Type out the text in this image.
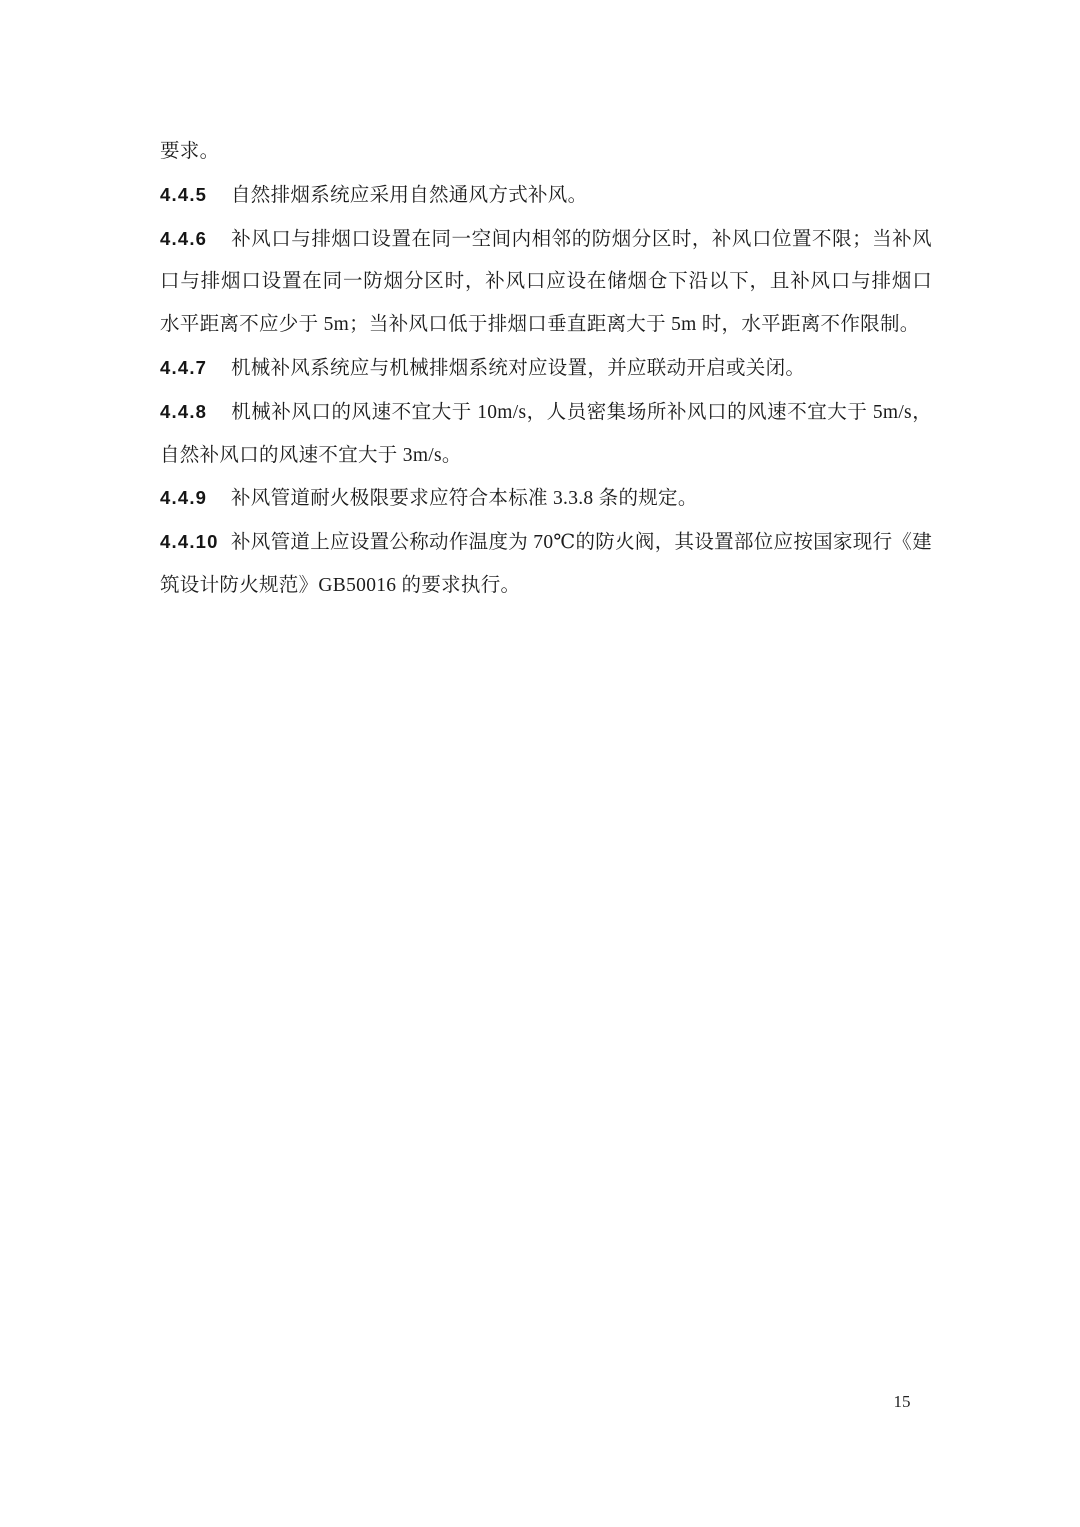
要求。

4.4.5 自然排烟系统应采用自然通风方式补风。

4.4.6 补风口与排烟口设置在同一空间内相邻的防烟分区时，补风口位置不限；当补风口与排烟口设置在同一防烟分区时，补风口应设在储烟仓下沿以下，且补风口与排烟口水平距离不应少于 5m；当补风口低于排烟口垂直距离大于 5m 时，水平距离不作限制。

4.4.7 机械补风系统应与机械排烟系统对应设置，并应联动开启或关闭。

4.4.8 机械补风口的风速不宜大于 10m/s，人员密集场所补风口的风速不宜大于 5m/s，自然补风口的风速不宜大于 3m/s。

4.4.9 补风管道耐火极限要求应符合本标准 3.3.8 条的规定。

4.4.10 补风管道上应设置公称动作温度为 70℃的防火阀，其设置部位应按国家现行《建筑设计防火规范》GB50016 的要求执行。

15
